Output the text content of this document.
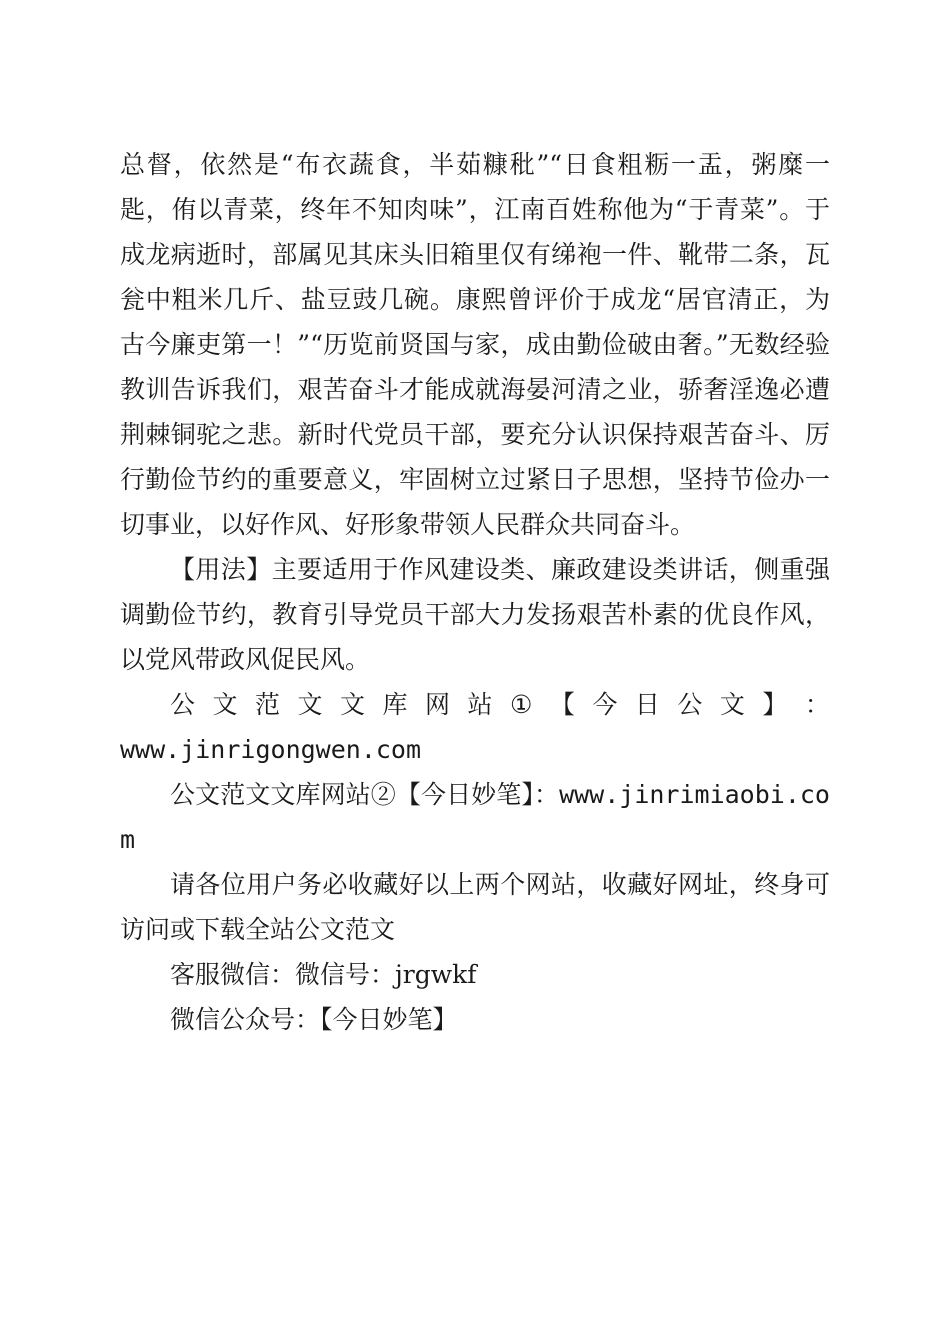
总督，依然是“布衣蔬食，半茹糠秕”“日食粗粝一盂，粥糜一匙，侑以青菜，终年不知肉味”，江南百姓称他为“于青菜”。于成龙病逝时，部属见其床头旧箱里仅有绨袍一件、靴带二条，瓦瓮中粗米几斤、盐豆豉几碗。康熙曾评价于成龙“居官清正，为古今廉吏第一！”“历览前贤国与家，成由勤俭破由奢。”无数经验教训告诉我们，艰苦奋斗才能成就海晏河清之业，骄奢淫逸必遭荆棘铜驼之悲。新时代党员干部，要充分认识保持艰苦奋斗、厉行勤俭节约的重要意义，牢固树立过紧日子思想，坚持节俭办一切事业，以好作风、好形象带领人民群众共同奋斗。

【用法】主要适用于作风建设类、廉政建设类讲话，侧重强调勤俭节约，教育引导党员干部大力发扬艰苦朴素的优良作风，以党风带政风促民风。

公 文 范 文 文 库 网 站 ① 【 今 日 公 文 】 ：

www.jinrigongwen.com

公文范文文库网站②【今日妙笔】：www.jinrimiaobi.com

请各位用户务必收藏好以上两个网站，收藏好网址，终身可访问或下载全站公文范文

客服微信：微信号：jrgwkf

微信公众号：【今日妙笔】
